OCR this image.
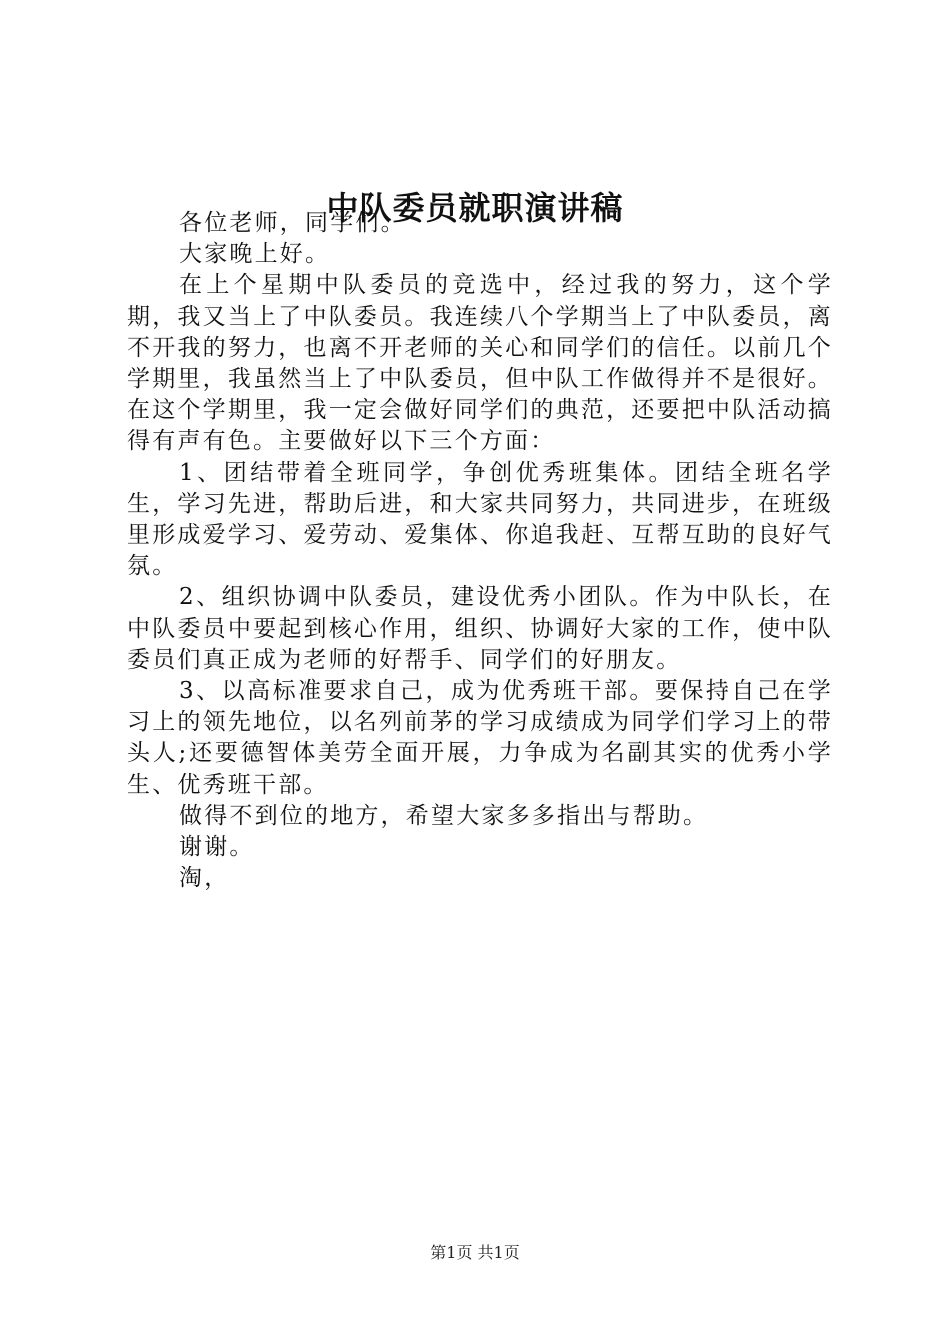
中队委员就职演讲稿

各位老师，同学们。

大家晚上好。

在上个星期中队委员的竞选中，经过我的努力，这个学期，我又当上了中队委员。我连续八个学期当上了中队委员，离不开我的努力，也离不开老师的关心和同学们的信任。以前几个学期里，我虽然当上了中队委员，但中队工作做得并不是很好。在这个学期里，我一定会做好同学们的典范，还要把中队活动搞得有声有色。主要做好以下三个方面：

1、团结带着全班同学，争创优秀班集体。团结全班名学生，学习先进，帮助后进，和大家共同努力，共同进步，在班级里形成爱学习、爱劳动、爱集体、你追我赶、互帮互助的良好气氛。

2、组织协调中队委员，建设优秀小团队。作为中队长，在中队委员中要起到核心作用，组织、协调好大家的工作，使中队委员们真正成为老师的好帮手、同学们的好朋友。

3、以高标准要求自己，成为优秀班干部。要保持自己在学习上的领先地位，以名列前茅的学习成绩成为同学们学习上的带头人;还要德智体美劳全面开展，力争成为名副其实的优秀小学生、优秀班干部。

做得不到位的地方，希望大家多多指出与帮助。

谢谢。

淘，

第1页 共1页
